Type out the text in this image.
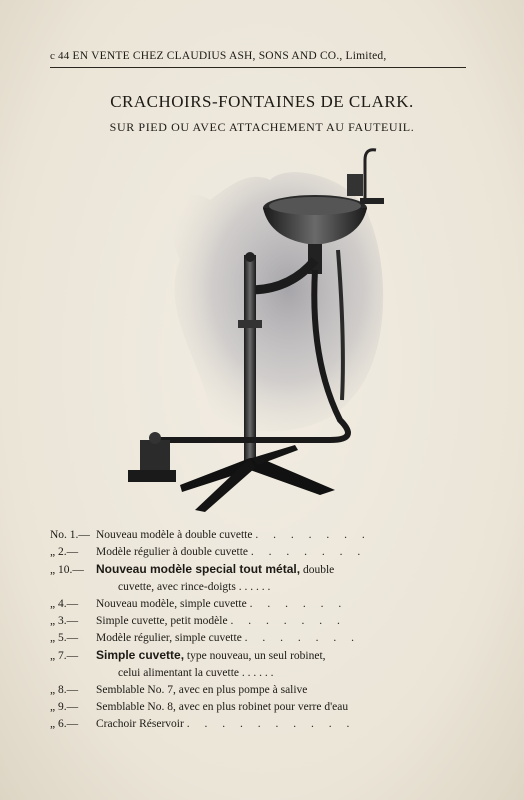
c 44 EN VENTE CHEZ CLAUDIUS ASH, SONS AND CO., Limited,
CRACHOIRS-FONTAINES DE CLARK.
SUR PIED OU AVEC ATTACHEMENT AU FAUTEUIL.
No. 1.— Nouveau modèle à double cuvette . . . . . . .
„ 2.— Modèle régulier à double cuvette . . . . . . .
„ 10.— Nouveau modèle special tout métal, double
cuvette, avec rince-doigts . . . . . .
„ 4.— Nouveau modèle, simple cuvette . . . . . .
„ 3.— Simple cuvette, petit modèle . . . . . . .
„ 5.— Modèle régulier, simple cuvette . . . . . . .
„ 7.— Simple cuvette, type nouveau, un seul robinet,
celui alimentant la cuvette . . . . . .
„ 8.— Semblable No. 7, avec en plus pompe à salive
„ 9.— Semblable No. 8, avec en plus robinet pour verre d'eau
„ 6.— Crachoir Réservoir . . . . . . . . . .
